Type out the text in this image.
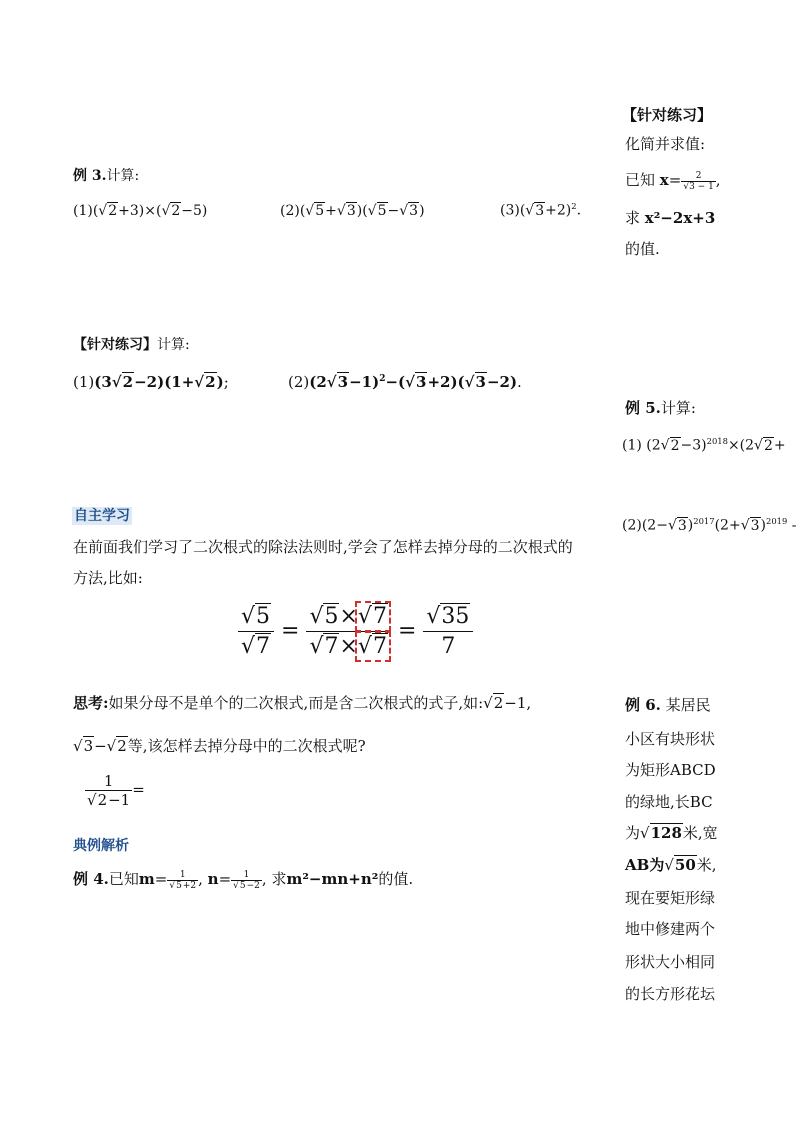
【针对练习】
化简并求值:
已知 $x= \frac{2}{√3 - 1}$ ,
求 x²−2x+3
的值.
例 3.计算:
(1)(√2+3)×(√2−5)	(2)(√5+√3)(√5−√3)	$(3)(√3+2)^2$.
【针对练习】计算:
(1)(3√2−2)(1+√2);	$(2)(2√3-1)^2-(√3+2)(√3-2)$.
例 5.计算:
(1) $(2√2-3)^{2018}\times(2√2+$
$(2)(2-√3)^{2017}(2+√3)^{2019}$ -
自主学习
在前面我们学习了二次根式的除法法则时,学会了怎样去掉分母的二次根式的
方法,比如:
$\frac{√5}{√7} = \frac{√5\times√7}{√7\times√7} = \frac{√35}{7}$
思考:如果分母不是单个的二次根式,而是含二次根式的式子,如:√2−1,
√3−√2等,该怎样去掉分母中的二次根式呢?
$\frac{1}{√2-1}$ =
典例解析
例 4.已知$m= \frac{1}{√5+2}$ , $n= \frac{1}{√5-2}$ , 求m²−mn+n²的值.
例 6. 某居民
小区有块形状
为矩形ABCD
的绿地,长BC
为√128米,宽
AB为√50米,
现在要矩形绿
地中修建两个
形状大小相同
的长方形花坛
